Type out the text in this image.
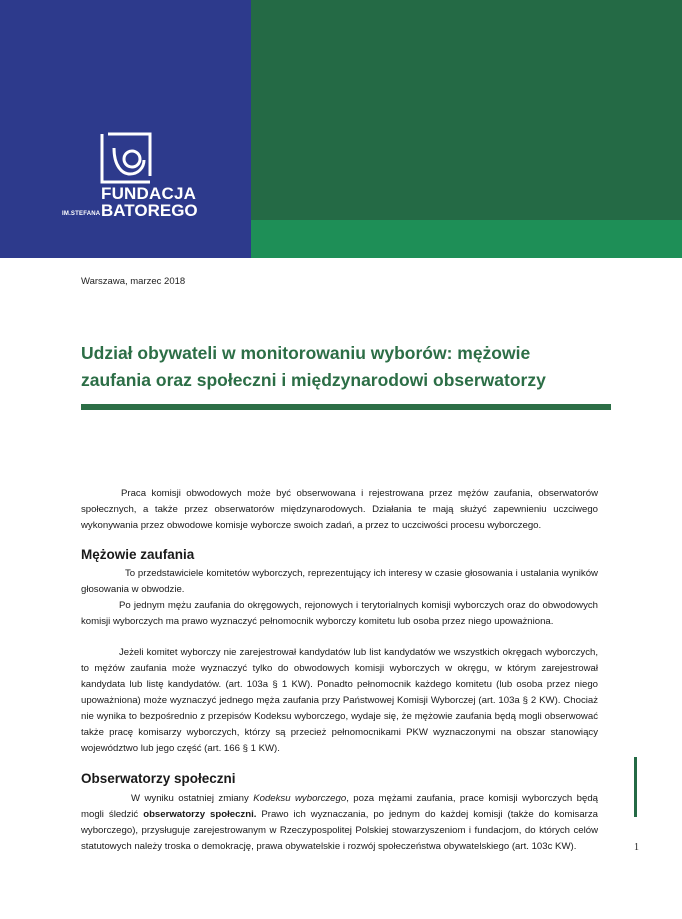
FUNDACJA
IM.STEFANA BATOREGO
Warszawa, marzec 2018
Udział obywateli w monitorowaniu wyborów: mężowie
zaufania oraz społeczni i międzynarodowi obserwatorzy

Praca komisji obwodowych może być obserwowana i rejestrowana przez mężów zaufania, obserwatorów społecznych, a także przez obserwatorów międzynarodowych. Działania te mają służyć zapewnieniu uczciwego wykonywania przez obwodowe komisje wyborcze swoich zadań, a przez to uczciwości procesu wyborczego.

Mężowie zaufania

To przedstawiciele komitetów wyborczych, reprezentujący ich interesy w czasie głosowania i ustalania wyników głosowania w obwodzie.

Po jednym mężu zaufania do okręgowych, rejonowych i terytorialnych komisji wyborczych oraz do obwodowych komisji wyborczych ma prawo wyznaczyć pełnomocnik wyborczy komitetu lub osoba przez niego upoważniona.

Jeżeli komitet wyborczy nie zarejestrował kandydatów lub list kandydatów we wszystkich okręgach wyborczych, to mężów zaufania może wyznaczyć tylko do obwodowych komisji wyborczych w okręgu, w którym zarejestrował kandydata lub listę kandydatów. (art. 103a § 1 KW). Ponadto pełnomocnik każdego komitetu (lub osoba przez niego upoważniona) może wyznaczyć jednego męża zaufania przy Państwowej Komisji Wyborczej (art. 103a § 2 KW). Chociaż nie wynika to bezpośrednio z przepisów Kodeksu wyborczego, wydaje się, że mężowie zaufania będą mogli obserwować także pracę komisarzy wyborczych, którzy są przecież pełnomocnikami PKW wyznaczonymi na obszar stanowiący województwo lub jego część (art. 166 § 1 KW).

Obserwatorzy społeczni

W wyniku ostatniej zmiany Kodeksu wyborczego, poza mężami zaufania, prace komisji wyborczych będą mogli śledzić obserwatorzy społeczni. Prawo ich wyznaczania, po jednym do każdej komisji (także do komisarza wyborczego), przysługuje zarejestrowanym w Rzeczypospolitej Polskiej stowarzyszeniom i fundacjom, do których celów statutowych należy troska o demokrację, prawa obywatelskie i rozwój społeczeństwa obywatelskiego (art. 103c KW).	1
